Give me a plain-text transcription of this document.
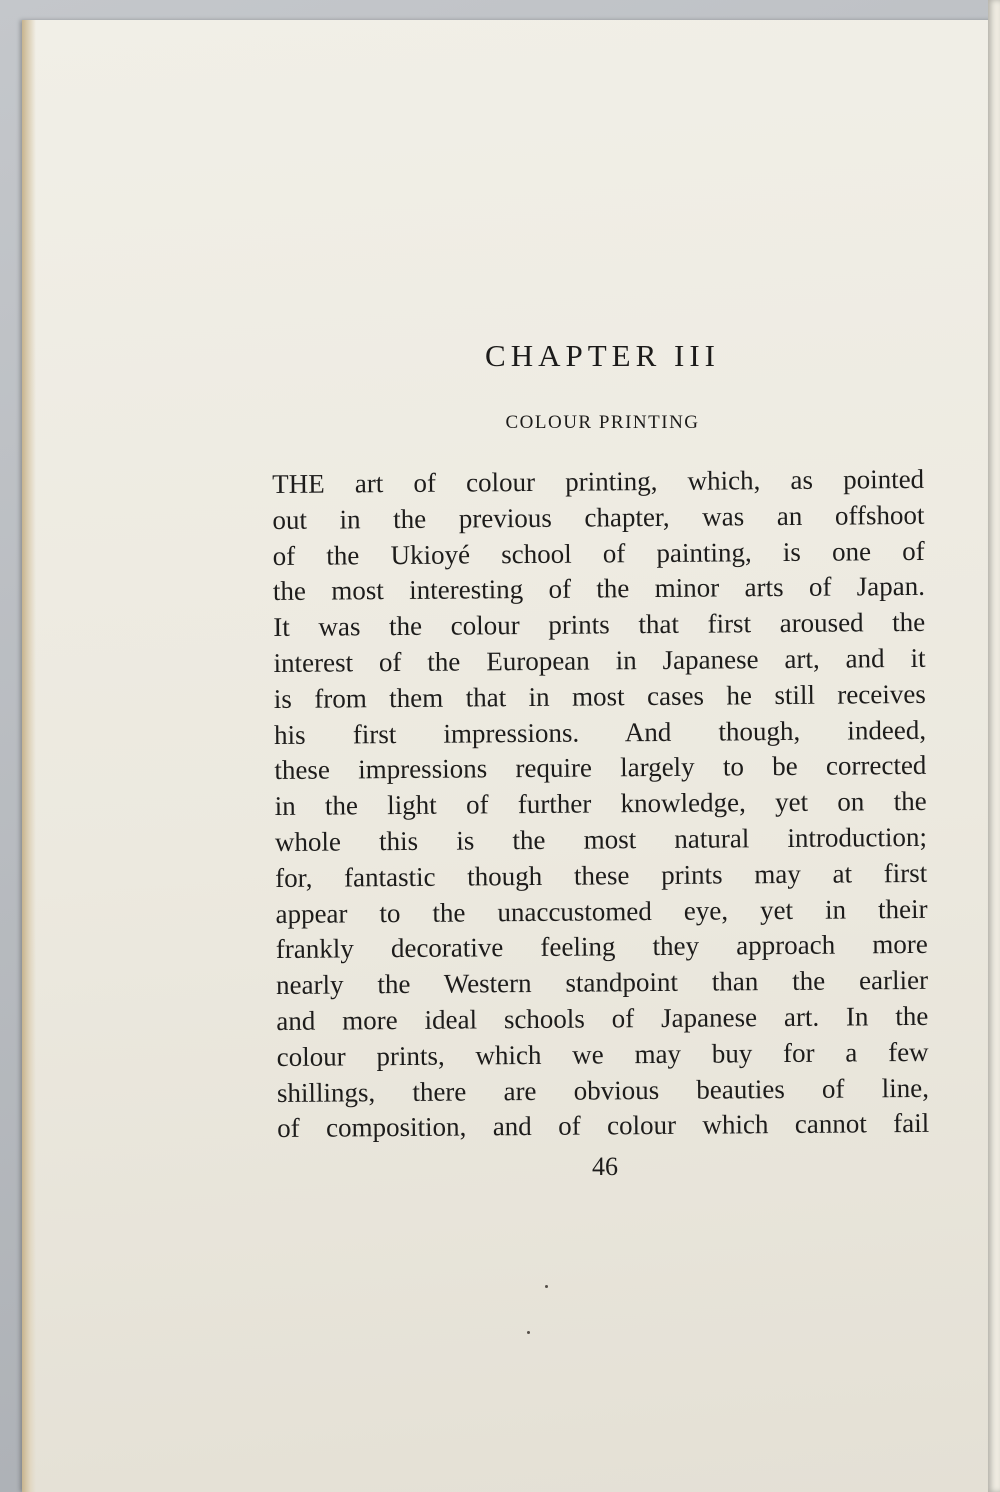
CHAPTER III
COLOUR PRINTING
THE art of colour printing, which, as pointed
out in the previous chapter, was an offshoot
of the Ukioyé school of painting, is one of
the most interesting of the minor arts of Japan.
It was the colour prints that first aroused the
interest of the European in Japanese art, and it
is from them that in most cases he still receives
his first impressions. And though, indeed,
these impressions require largely to be corrected
in the light of further knowledge, yet on the
whole this is the most natural introduction;
for, fantastic though these prints may at first
appear to the unaccustomed eye, yet in their
frankly decorative feeling they approach more
nearly the Western standpoint than the earlier
and more ideal schools of Japanese art. In the
colour prints, which we may buy for a few
shillings, there are obvious beauties of line,
of composition, and of colour which cannot fail
46
